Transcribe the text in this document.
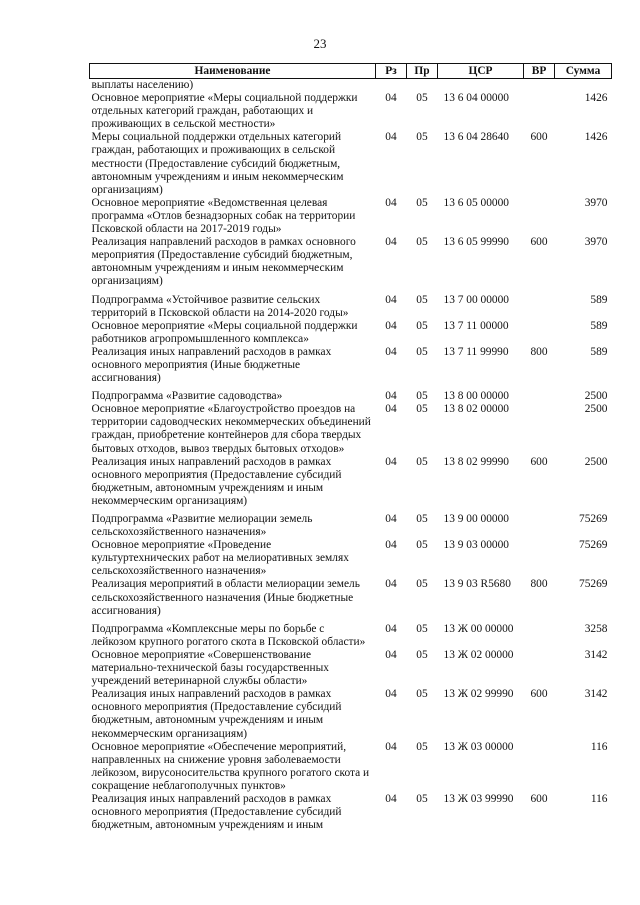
23
Наименование	Рз	Пр	ЦСР	ВР	Сумма
выплаты населению)					
Основное мероприятие «Меры социальной поддержки отдельных категорий граждан, работающих и проживающих в сельской местности»	04	05	13 6 04 00000		1426
Меры социальной поддержки отдельных категорий граждан, работающих и проживающих в сельской местности (Предоставление субсидий бюджетным, автономным учреждениям и иным некоммерческим организациям)	04	05	13 6 04 28640	600	1426
Основное мероприятие «Ведомственная целевая программа «Отлов безнадзорных собак на территории Псковской области на 2017-2019 годы»	04	05	13 6 05 00000		3970
Реализация направлений расходов в рамках основного мероприятия (Предоставление субсидий бюджетным, автономным учреждениям и иным некоммерческим организациям)	04	05	13 6 05 99990	600	3970
Подпрограмма «Устойчивое развитие сельских территорий в Псковской области на 2014-2020 годы»	04	05	13 7 00 00000		589
Основное мероприятие «Меры социальной поддержки работников агропромышленного комплекса»	04	05	13 7 11 00000		589
Реализация иных направлений расходов в рамках основного мероприятия (Иные бюджетные ассигнования)	04	05	13 7 11 99990	800	589
Подпрограмма «Развитие садоводства»	04	05	13 8 00 00000		2500
Основное мероприятие «Благоустройство проездов на территории садоводческих некоммерческих объединений граждан, приобретение контейнеров для сбора твердых бытовых отходов, вывоз твердых бытовых отходов»	04	05	13 8 02 00000		2500
Реализация иных направлений расходов в рамках основного мероприятия (Предоставление субсидий бюджетным, автономным учреждениям и иным некоммерческим организациям)	04	05	13 8 02 99990	600	2500
Подпрограмма «Развитие мелиорации земель сельскохозяйственного назначения»	04	05	13 9 00 00000		75269
Основное мероприятие «Проведение культуртехнических работ на мелиоративных землях сельскохозяйственного назначения»	04	05	13 9 03 00000		75269
Реализация мероприятий в области мелиорации земель сельскохозяйственного назначения (Иные бюджетные ассигнования)	04	05	13 9 03 R5680	800	75269
Подпрограмма «Комплексные меры по борьбе с лейкозом крупного рогатого скота в Псковской области»	04	05	13 Ж 00 00000		3258
Основное мероприятие «Совершенствование материально-технической базы государственных учреждений ветеринарной службы области»	04	05	13 Ж 02 00000		3142
Реализация иных направлений расходов в рамках основного мероприятия (Предоставление субсидий бюджетным, автономным учреждениям и иным некоммерческим организациям)	04	05	13 Ж 02 99990	600	3142
Основное мероприятие «Обеспечение мероприятий, направленных на снижение уровня заболеваемости лейкозом, вирусоносительства крупного рогатого скота и сокращение неблагополучных пунктов»	04	05	13 Ж 03 00000		116
Реализация иных направлений расходов в рамках основного мероприятия (Предоставление субсидий бюджетным, автономным учреждениям и иным	04	05	13 Ж 03 99990	600	116
